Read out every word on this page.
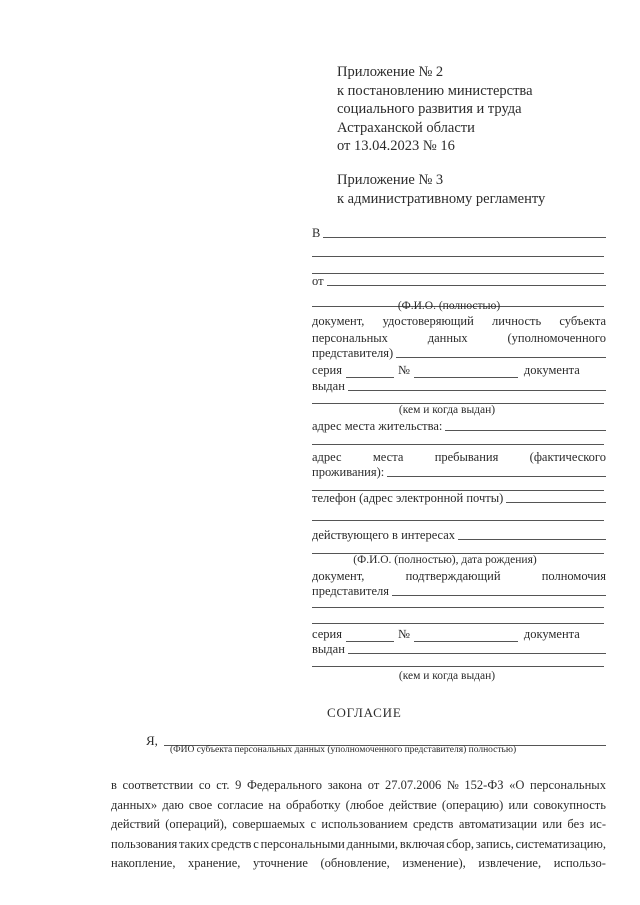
Приложение № 2
к постановлению министерства
социального развития и труда
Астраханской области
от 13.04.2023 № 16
Приложение № 3
к административному регламенту
В
от
(Ф.И.О. (полностью)
документ, удостоверяющий личность субъекта
персональных	данных	(уполномоченного
представителя)
серия	№	документа
выдан
(кем и когда выдан)
адрес места жительства:
адрес	места	пребывания	(фактического
проживания):
телефон (адрес электронной почты)
действующего в интересах
(Ф.И.О. (полностью), дата рождения)
документ,	подтверждающий	полномочия
представителя
серия	№	документа
выдан
(кем и когда выдан)
СОГЛАСИЕ
Я,
(ФИО субъекта персональных данных (уполномоченного представителя) полностью)
в соответствии со ст. 9 Федерального закона от 27.07.2006 № 152-ФЗ «О персональных
данных» даю свое согласие на обработку (любое действие (операцию) или совокупность
действий (операций), совершаемых с использованием средств автоматизации или без ис-
пользования таких средств с персональными данными, включая сбор, запись, систематизацию,
накопление, хранение, уточнение (обновление, изменение), извлечение, использо-
